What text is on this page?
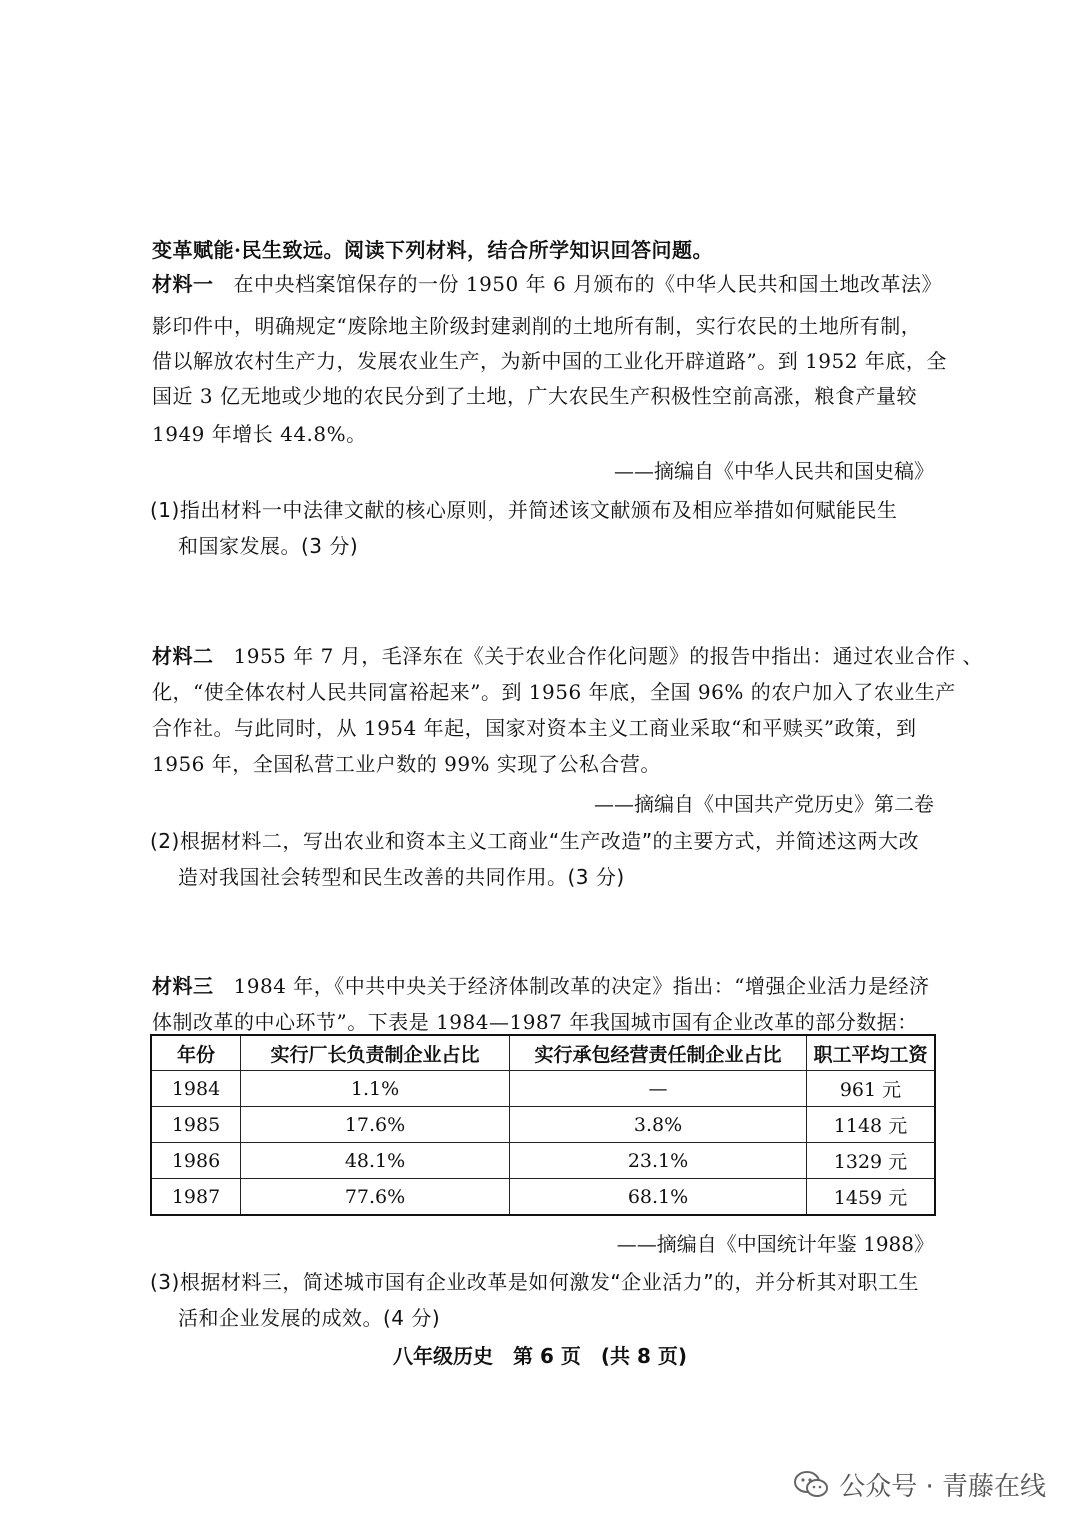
变革赋能·民生致远。阅读下列材料，结合所学知识回答问题。
材料一 在中央档案馆保存的一份 1950 年 6 月颁布的《中华人民共和国土地改革法》
影印件中，明确规定“废除地主阶级封建剥削的土地所有制，实行农民的土地所有制，
借以解放农村生产力，发展农业生产，为新中国的工业化开辟道路”。到 1952 年底，全
国近 3 亿无地或少地的农民分到了土地，广大农民生产积极性空前高涨，粮食产量较
1949 年增长 44.8%。
——摘编自《中华人民共和国史稿》
(1)指出材料一中法律文献的核心原则，并简述该文献颁布及相应举措如何赋能民生
和国家发展。(3 分)
材料二 1955 年 7 月，毛泽东在《关于农业合作化问题》的报告中指出：通过农业合作 、
化，“使全体农村人民共同富裕起来”。到 1956 年底，全国 96% 的农户加入了农业生产
合作社。与此同时，从 1954 年起，国家对资本主义工商业采取“和平赎买”政策，到
1956 年，全国私营工业户数的 99% 实现了公私合营。
——摘编自《中国共产党历史》第二卷
(2)根据材料二，写出农业和资本主义工商业“生产改造”的主要方式，并简述这两大改
造对我国社会转型和民生改善的共同作用。(3 分)
材料三 1984 年，《中共中央关于经济体制改革的决定》指出：“增强企业活力是经济
体制改革的中心环节”。下表是 1984—1987 年我国城市国有企业改革的部分数据：
年份	实行厂长负责制企业占比	实行承包经营责任制企业占比	职工平均工资
1984	1.1%	—	961 元
1985	17.6%	3.8%	1148 元
1986	48.1%	23.1%	1329 元
1987	77.6%	68.1%	1459 元
——摘编自《中国统计年鉴 1988》
(3)根据材料三，简述城市国有企业改革是如何激发“企业活力”的，并分析其对职工生
活和企业发展的成效。(4 分)
八年级历史　第 6 页　(共 8 页)
公众号 · 青藤在线
